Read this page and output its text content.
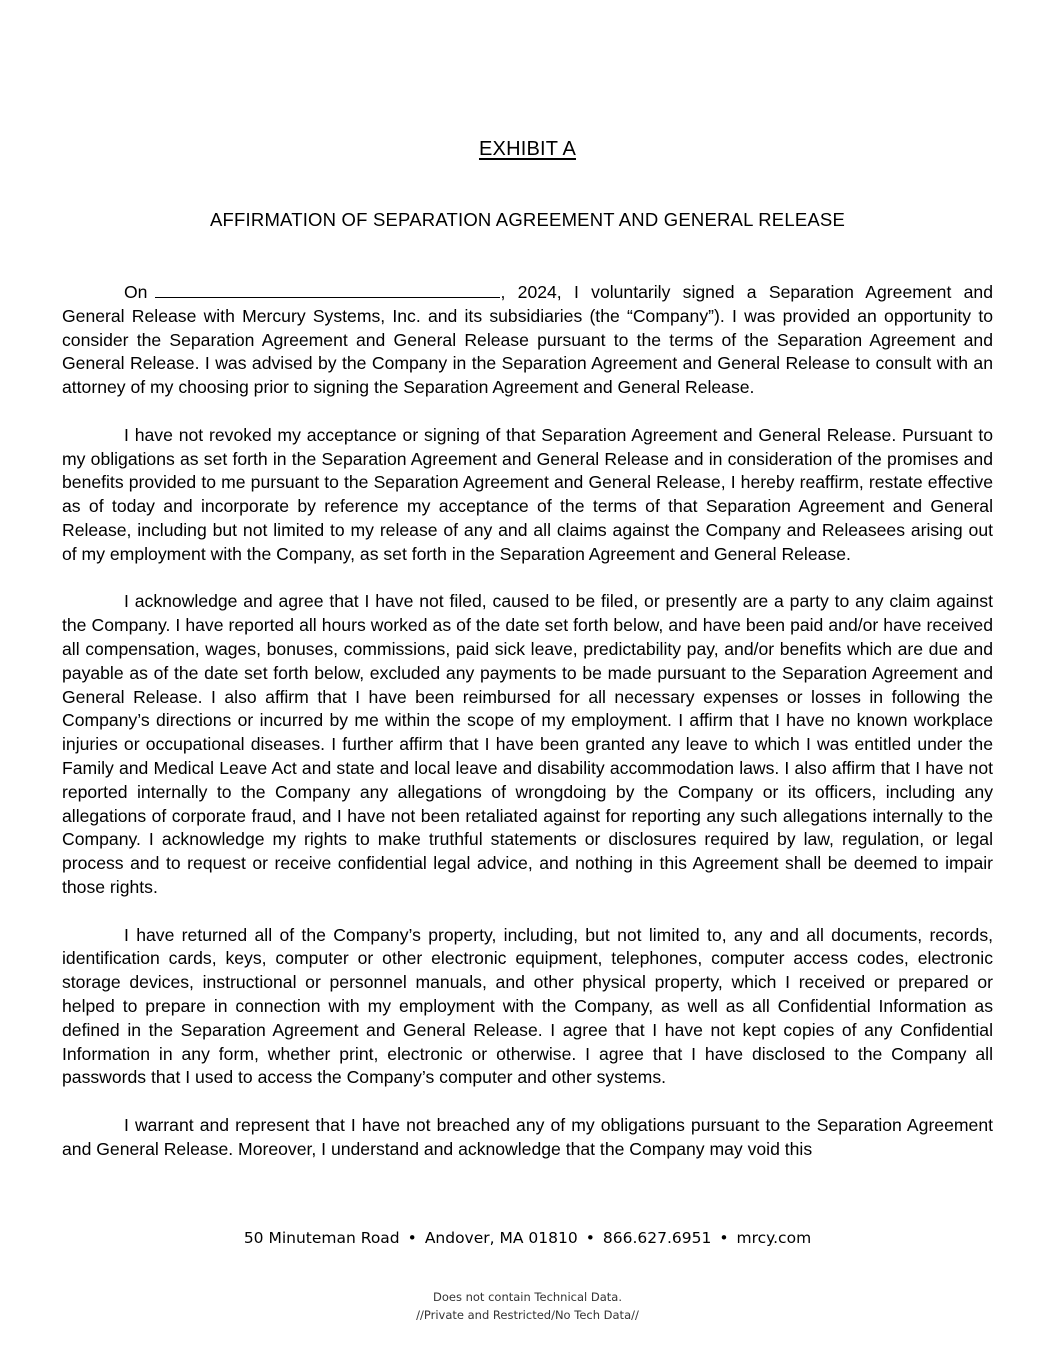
EXHIBIT A
AFFIRMATION OF SEPARATION AGREEMENT AND GENERAL RELEASE

On	, 2024, I voluntarily signed a Separation Agreement and General Release with Mercury Systems, Inc. and its subsidiaries (the “Company”). I was provided an opportunity to consider the Separation Agreement and General Release pursuant to the terms of the Separation Agreement and General Release. I was advised by the Company in the Separation Agreement and General Release to consult with an attorney of my choosing prior to signing the Separation Agreement and General Release.

I have not revoked my acceptance or signing of that Separation Agreement and General Release. Pursuant to my obligations as set forth in the Separation Agreement and General Release and in consideration of the promises and benefits provided to me pursuant to the Separation Agreement and General Release, I hereby reaffirm, restate effective as of today and incorporate by reference my acceptance of the terms of that Separation Agreement and General Release, including but not limited to my release of any and all claims against the Company and Releasees arising out of my employment with the Company, as set forth in the Separation Agreement and General Release.

I acknowledge and agree that I have not filed, caused to be filed, or presently are a party to any claim against the Company. I have reported all hours worked as of the date set forth below, and have been paid and/or have received all compensation, wages, bonuses, commissions, paid sick leave, predictability pay, and/or benefits which are due and payable as of the date set forth below, excluded any payments to be made pursuant to the Separation Agreement and General Release. I also affirm that I have been reimbursed for all necessary expenses or losses in following the Company’s directions or incurred by me within the scope of my employment. I affirm that I have no known workplace injuries or occupational diseases. I further affirm that I have been granted any leave to which I was entitled under the Family and Medical Leave Act and state and local leave and disability accommodation laws. I also affirm that I have not reported internally to the Company any allegations of wrongdoing by the Company or its officers, including any allegations of corporate fraud, and I have not been retaliated against for reporting any such allegations internally to the Company. I acknowledge my rights to make truthful statements or disclosures required by law, regulation, or legal process and to request or receive confidential legal advice, and nothing in this Agreement shall be deemed to impair those rights.

I have returned all of the Company’s property, including, but not limited to, any and all documents, records, identification cards, keys, computer or other electronic equipment, telephones, computer access codes, electronic storage devices, instructional or personnel manuals, and other physical property, which I received or prepared or helped to prepare in connection with my employment with the Company, as well as all Confidential Information as defined in the Separation Agreement and General Release. I agree that I have not kept copies of any Confidential Information in any form, whether print, electronic or otherwise. I agree that I have disclosed to the Company all passwords that I used to access the Company’s computer and other systems.

I warrant and represent that I have not breached any of my obligations pursuant to the Separation Agreement and General Release. Moreover, I understand and acknowledge that the Company may void this

50 Minuteman Road • Andover, MA 01810 • 866.627.6951 • mrcy.com
Does not contain Technical Data.
//Private and Restricted/No Tech Data//
